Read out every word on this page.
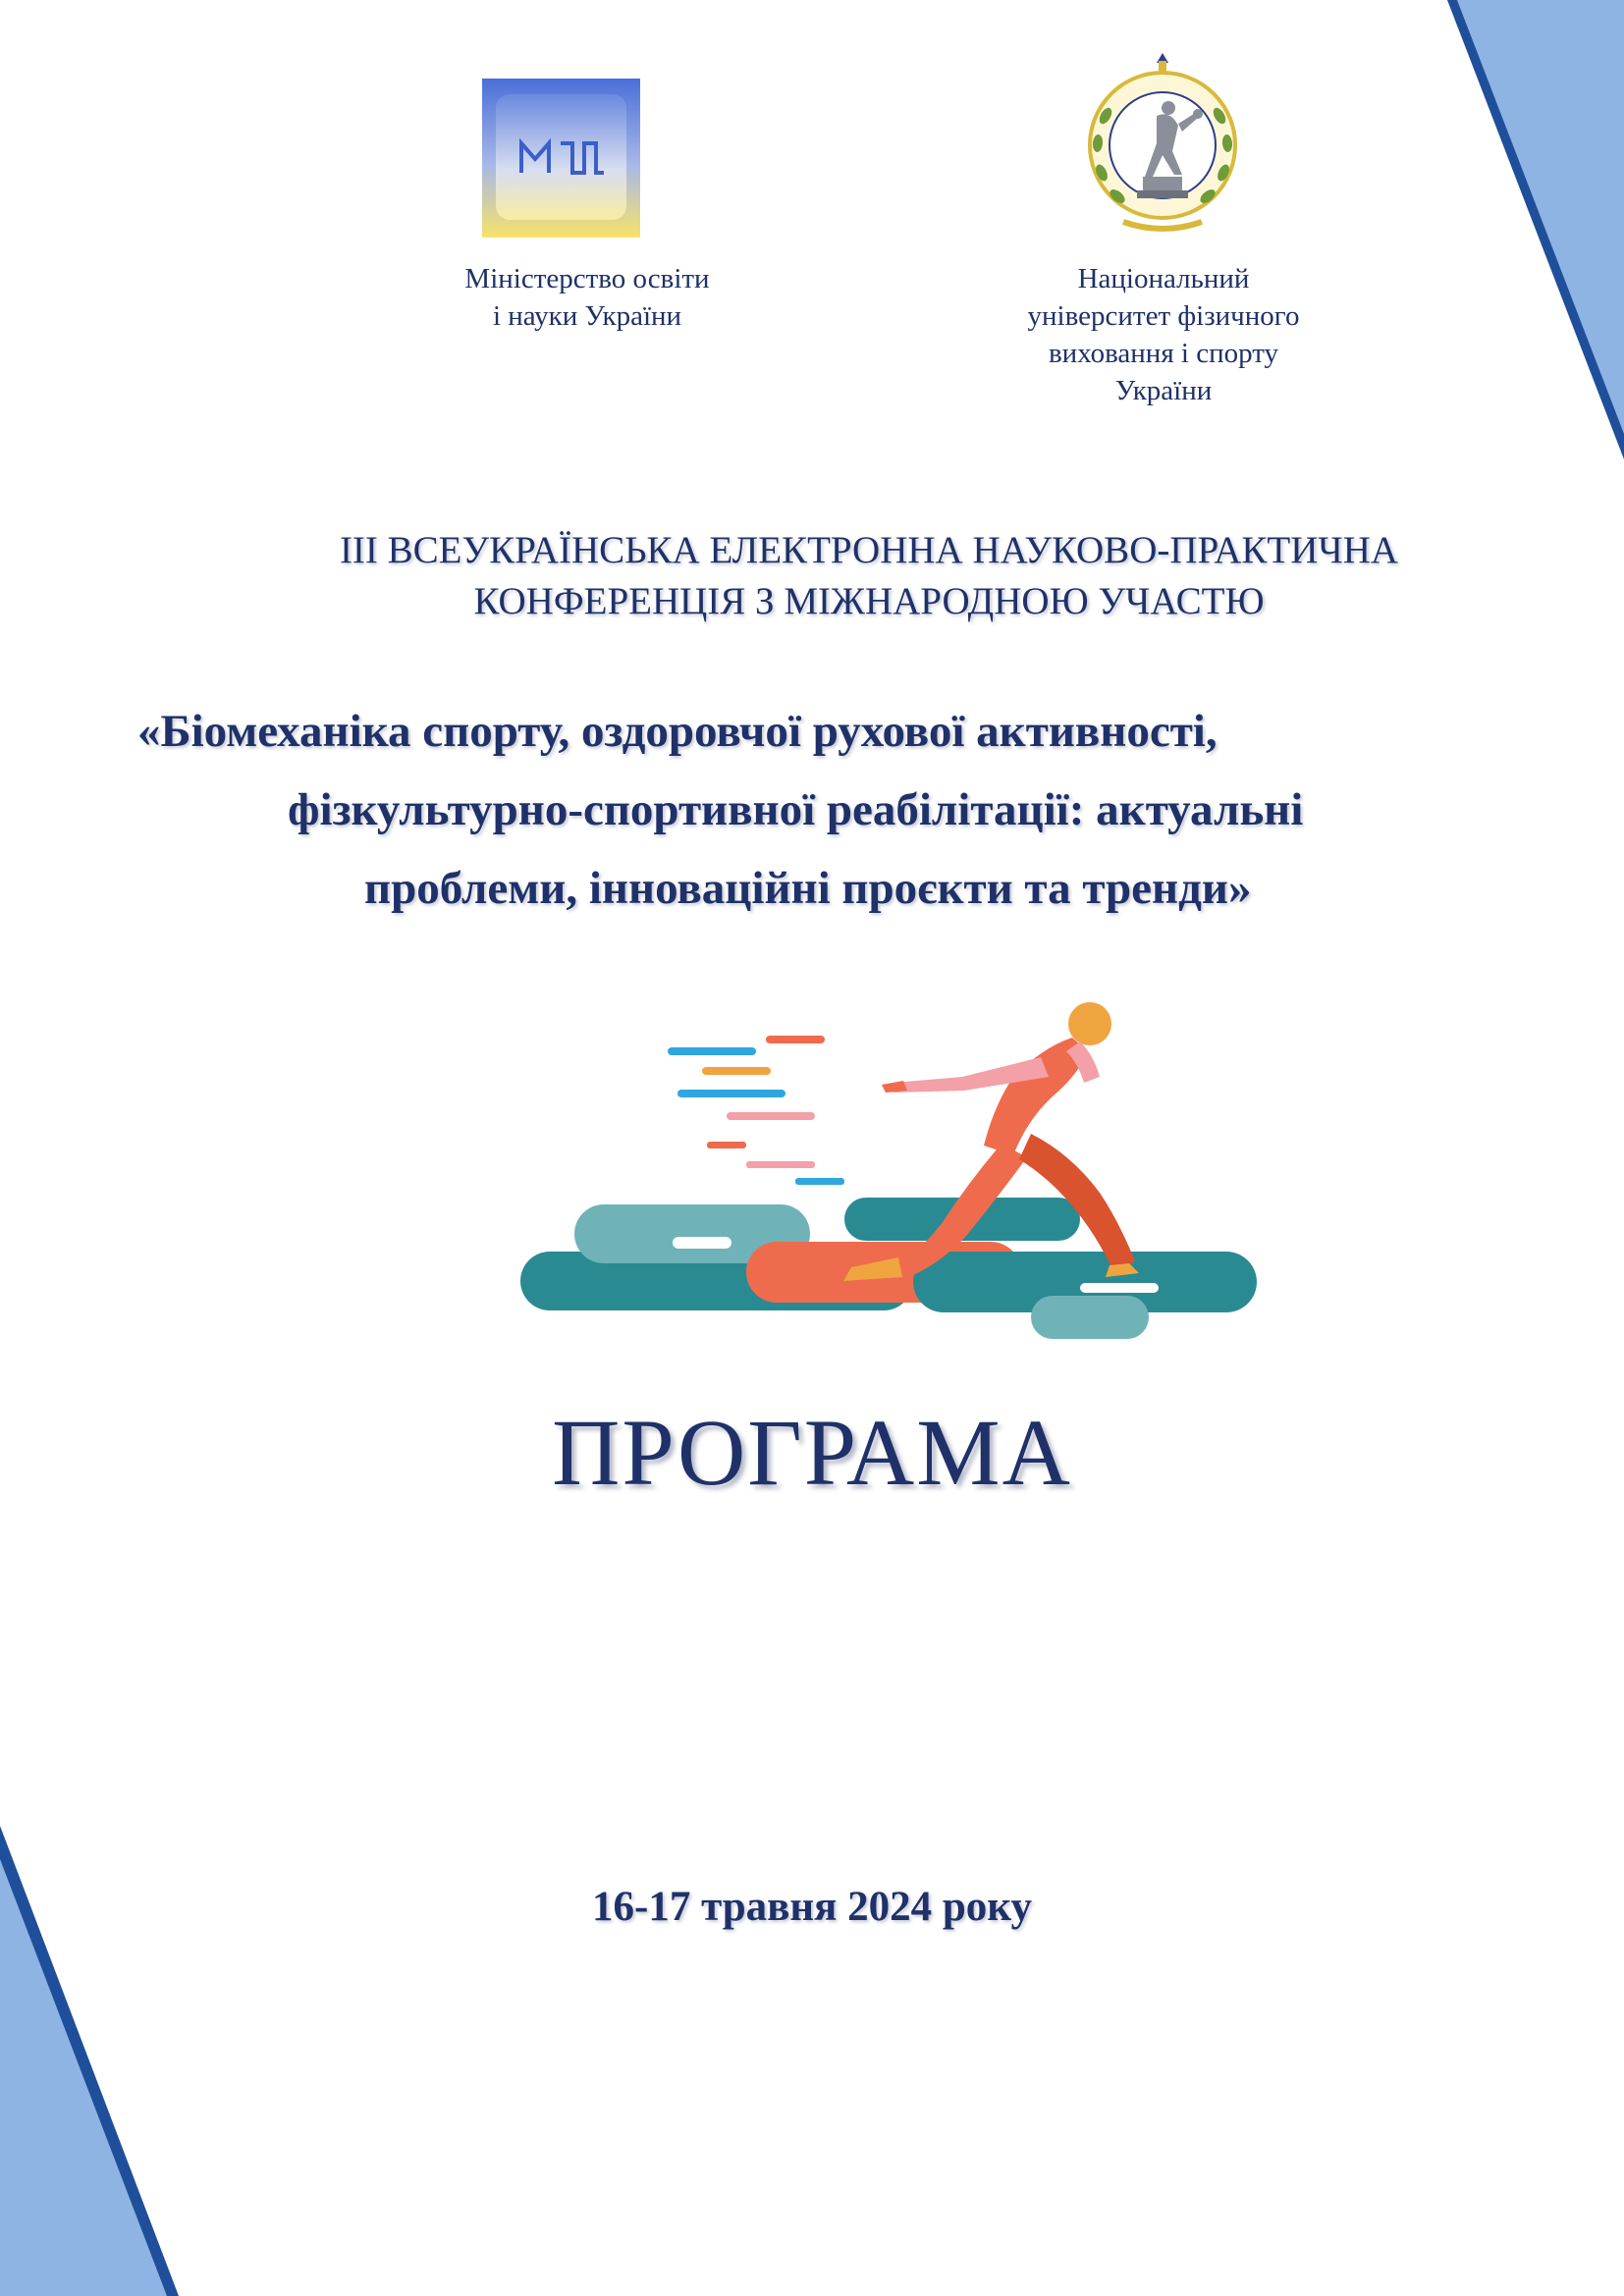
Міністерство освіти
і науки України
Національний
університет фізичного
виховання і спорту
України
ІІІ ВСЕУКРАЇНСЬКА ЕЛЕКТРОННА НАУКОВО-ПРАКТИЧНА
КОНФЕРЕНЦІЯ З МІЖНАРОДНОЮ УЧАСТЮ
«Біомеханіка спорту, оздоровчої рухової активності,
фізкультурно-спортивної реабілітації: актуальні
проблеми, інноваційні проєкти та тренди»
ПРОГРАМА
16-17 травня 2024 року
